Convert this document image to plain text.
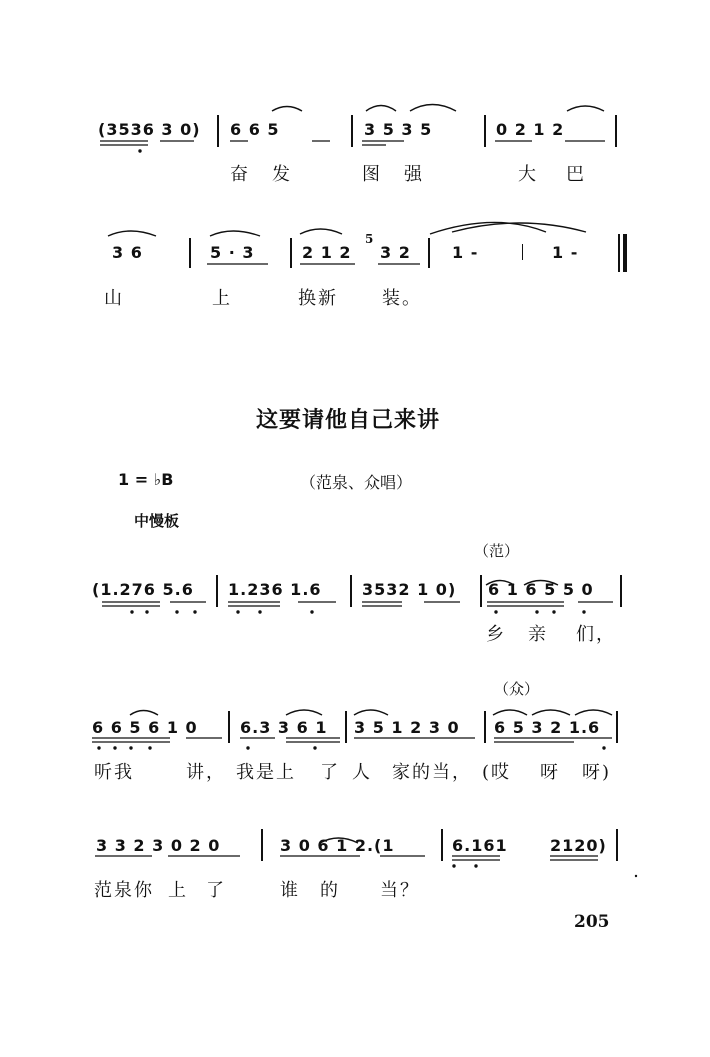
(3536 3 0) 6 6 5	3 5 3 5	0 2 1 2
奋 发	图 强	大 巴
3 6	5 · 3	2 1 2
5
3 2	1 -	1 -
山	上	换新 装。
这要请他自己来讲
1 = ♭B	（范泉、众唱）
中慢板
（范）
(1.276 5.6 1.236 1.6	3532 1 0) 6 1 6 5 5 0
乡 亲 们，
（众）
6 6 5 6 1 0	6.3 3 6 1 3 5 1 2 3 0 6 5 3 2 1.6
听我	讲， 我是上 了 人 家的当， (哎 呀 呀)
3 3 2 3 0 2 0	3 0 6 1 2.(1	6.161	2120)
范泉你 上 了	谁 的 当？
205
